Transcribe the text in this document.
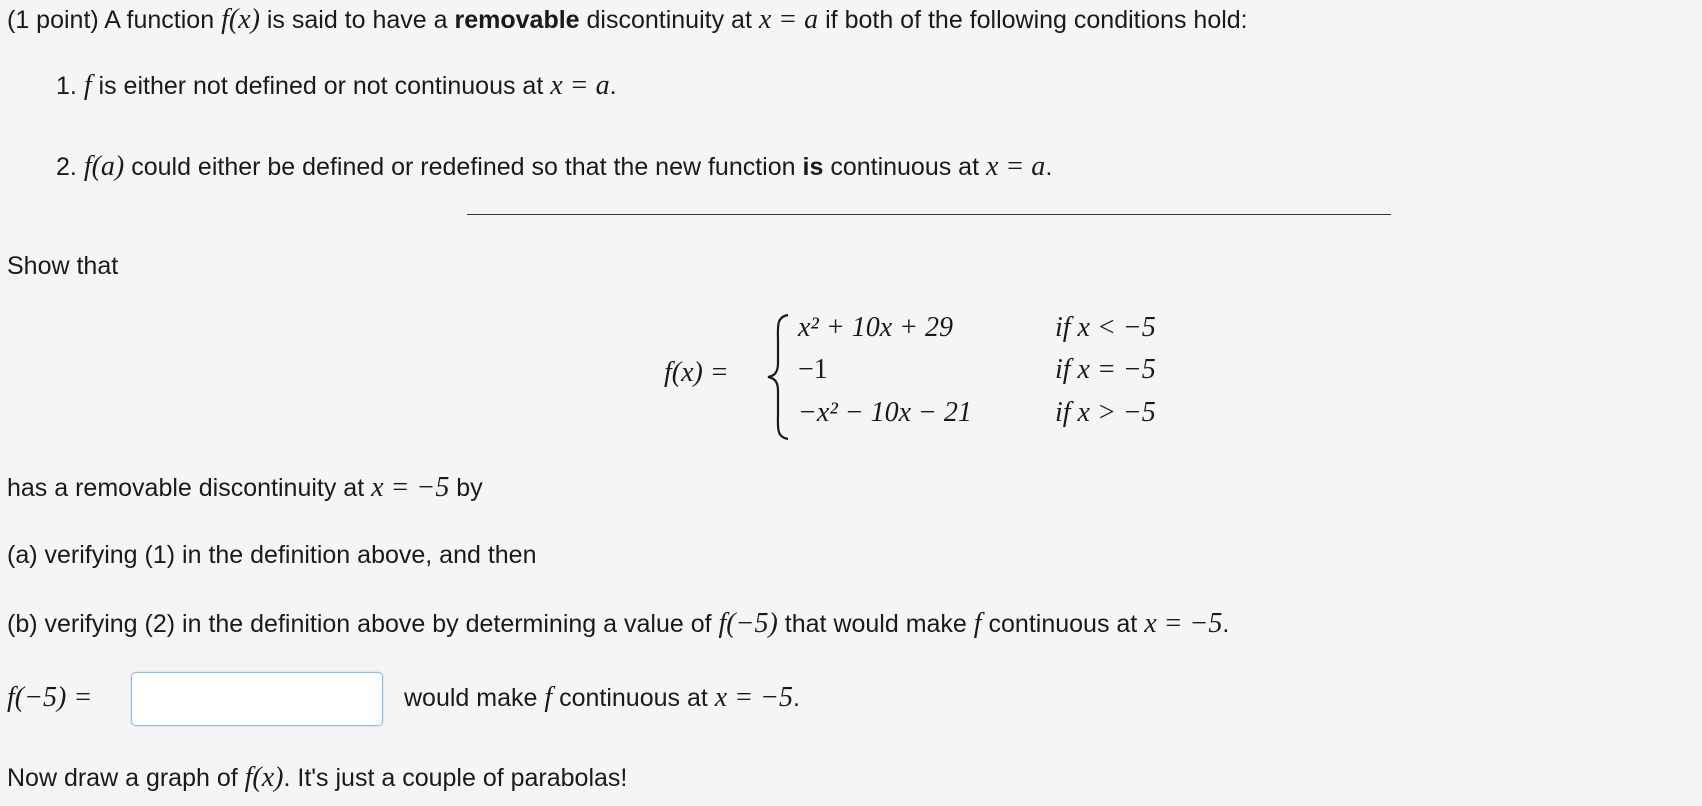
(1 point) A function f(x) is said to have a removable discontinuity at x = a if both of the following conditions hold:
1. f is either not defined or not continuous at x = a.
2. f(a) could either be defined or redefined so that the new function is continuous at x = a.
Show that
f(x) =
x² + 10x + 29	if x < −5
−1	if x = −5
−x² − 10x − 21	if x > −5
has a removable discontinuity at x = −5 by
(a) verifying (1) in the definition above, and then
(b) verifying (2) in the definition above by determining a value of f(−5) that would make f continuous at x = −5.
f(−5) =	would make f continuous at x = −5.
Now draw a graph of f(x). It's just a couple of parabolas!
